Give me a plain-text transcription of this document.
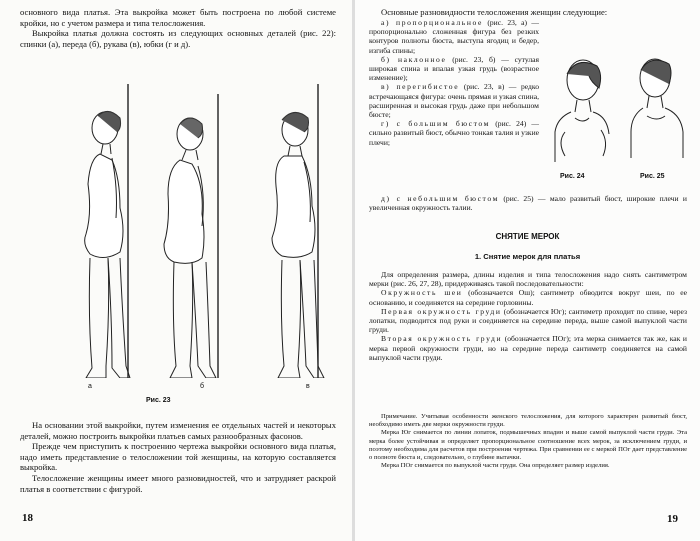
основного вида платья. Эта выкройка может быть построена по любой системе кройки, но с учетом размера и типа телосложения.

Выкройка платья должна состоять из следующих основных деталей (рис. 22): спинки (а), переда (б), рукава (в), юбки (г и д).

а	б	в
Рис. 23

На основании этой выкройки, путем изменения ее отдельных частей и некоторых деталей, можно построить выкройки платьев самых разнообразных фасонов.

Прежде чем приступить к построению чертежа выкройки основного вида платья, надо иметь представление о телосложении той женщины, на которую составляется выкройка.

Телосложение женщины имеет много разновидностей, что и затрудняет раскрой платья в соответствии с фигурой.

18

Основные разновидности телосложения женщин следующие:

а) пропорциональное (рис. 23, а) — пропорционально сложенная фигура без резких контуров полноты бюста, выступа ягодиц и бедер, изгиба спины;

б) наклонное (рис. 23, б) — сутулая широкая спина и впалая узкая грудь (возрастное изменение);

в) перегибистое (рис. 23, в) — редко встречающаяся фигура: очень прямая и узкая спина, расширенная и высокая грудь даже при небольшом бюсте;

г) с большим бюстом (рис. 24) — сильно развитый бюст, обычно тонкая талия и узкие плечи;

Рис. 24	Рис. 25

д) с небольшим бюстом (рис. 25) — мало развитый бюст, широкие плечи и увеличенная окружность талии.

СНЯТИЕ МЕРОК
1. Снятие мерок для платья

Для определения размера, длины изделия и типа телосложения надо снять сантиметром мерки (рис. 26, 27, 28), придерживаясь такой последовательности:

Окружность шеи (обозначается Ош); сантиметр обводится вокруг шеи, по ее основанию, и соединяется на середине горловины.

Первая окружность груди (обозначается Юг); сантиметр проходит по спине, через лопатки, подводится под руки и соединяется на середине переда, выше самой выпуклой части груди.

Вторая окружность груди (обозначается ПОг); эта мерка снимается так же, как и мерка первой окружности груди, но на середине переда сантиметр соединяется на самой выпуклой части груди.

Примечание. Учитывая особенности женского телосложения, для которого характерен развитый бюст, необходимо иметь две мерки окружности груди.

Мерка Юг снимается по линии лопаток, подмышечных впадин и выше самой выпуклой части груди. Эта мерка более устойчивая и определяет пропорциональное соотношение всех мерок, за исключением груди, и поэтому необходима для расчетов при построении чертежа. При сравнении ее с меркой ПОг дает представление о полноте бюста и, следовательно, о глубине вытачки.

Мерка ПОг снимается по выпуклой части груди. Она определяет размер изделия.

19
